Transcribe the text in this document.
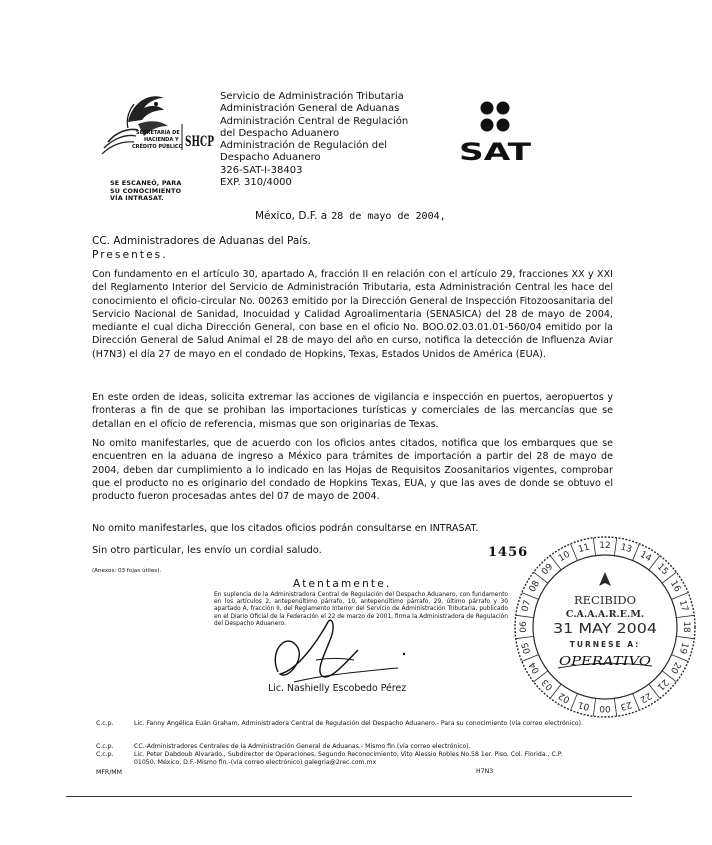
SECRETARÍA DE
HACIENDA Y
CRÉDITO PÚBLICO SHCP
Servicio de Administración Tributaria
Administración General de Aduanas
Administración Central de Regulación
del Despacho Aduanero
Administración de Regulación del
Despacho Aduanero
326-SAT-I-38403
EXP. 310/4000
SE ESCANEÓ, PARA
SU CONOCIMIENTO
VÍA INTRASAT.
SAT
México, D.F. a 28 de mayo de 2004,
CC. Administradores de Aduanas del País.
Presentes.
Con fundamento en el artículo 30, apartado A, fracción II en relación con el artículo 29, fracciones XX y XXI del Reglamento Interior del Servicio de Administración Tributaria, esta Administración Central les hace del conocimiento el oficio-circular No. 00263 emitido por la Dirección General de Inspección Fitozoosanitaria del Servicio Nacional de Sanidad, Inocuidad y Calidad Agroalimentaria (SENASICA) del 28 de mayo de 2004, mediante el cual dicha Dirección General, con base en el oficio No. BOO.02.03.01.01-560/04 emitido por la Dirección General de Salud Animal el 28 de mayo del año en curso, notifica la detección de Influenza Aviar (H7N3) el día 27 de mayo en el condado de Hopkins, Texas, Estados Unidos de América (EUA).
En este orden de ideas, solicita extremar las acciones de vigilancia e inspección en puertos, aeropuertos y fronteras a fin de que se prohiban las importaciones turísticas y comerciales de las mercancías que se detallan en el oficio de referencia, mismas que son originarias de Texas.
No omito manifestarles, que de acuerdo con los oficios antes citados, notifica que los embarques que se encuentren en la aduana de ingreso a México para trámites de importación a partir del 28 de mayo de 2004, deben dar cumplimiento a lo indicado en las Hojas de Requisitos Zoosanitarios vigentes, comprobar que el producto no es originario del condado de Hopkins Texas, EUA, y que las aves de donde se obtuvo el producto fueron procesadas antes del 07 de mayo de 2004.
No omito manifestarles, que los citados oficios podrán consultarse en INTRASAT.
Sin otro particular, les envío un cordial saludo.	1456
(Anexos: 03 fojas útiles).
Atentamente.
En suplencia de la Administradora Central de Regulación del Despacho Aduanero, con fundamento en los artículos 2, antepenúltimo párrafo, 10, antepenúltimo párrafo, 29, último párrafo y 30 apartado A, fracción II, del Reglamento Interior del Servicio de Administración Tributaria, publicado en el Diario Oficial de la Federación el 22 de marzo de 2001, firma la Administradora de Regulación del Despacho Aduanero.
Lic. Nashielly Escobedo Pérez
01
02
03
04
05
06
07
08
09
10
11 12 13
14
15
16
17
18
19
20
21
22
23
00
RECIBIDO
C.A.A.A.R.E.M.
31 MAY 2004
TURNESE A:
OPERATIVO
C.c.p.	Lic. Fanny Angélica Euán Graham, Administradora Central de Regulación del Despacho Aduanero.- Para su conocimiento (vía correo electrónico).
C.c.p.	CC.-Administradores Centrales de la Administración General de Aduanas.- Mismo fin.(vía correo electrónico).
C.c.p.	Lic. Peter Dabdoub Alvarado., Subdirector de Operaciones, Segundo Reconocimiento, Vito Alessio Robles No.58 1er. Piso, Col. Florida., C.P. 01050, México, D.F.-Mismo fin.-(vía correo electrónico) galegria@2rec.com.mx
MFR/MM	H7N3
